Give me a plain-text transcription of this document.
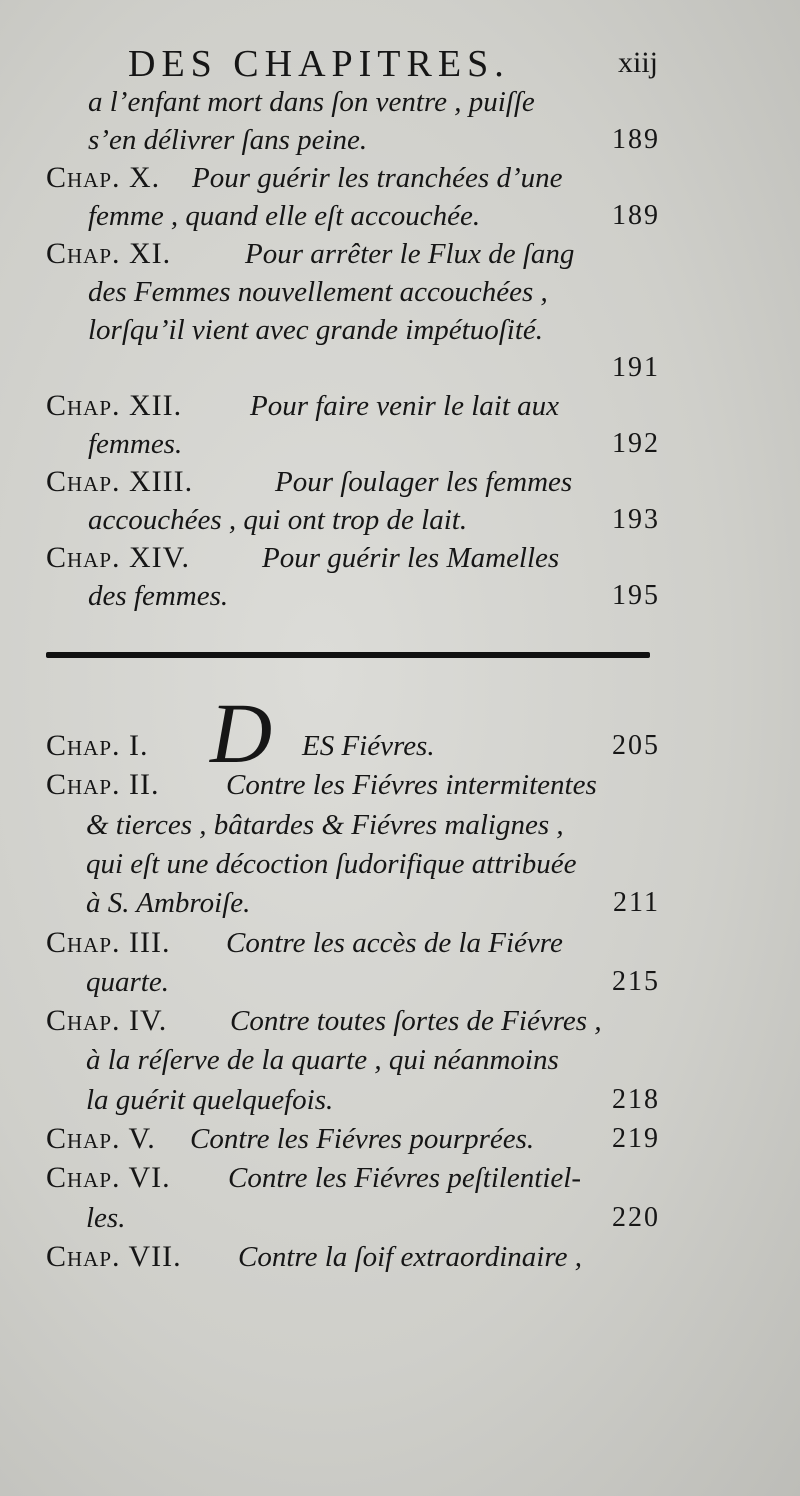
DES CHAPITRES.	xiij
a l’enfant mort dans ſon ventre , puiſſe
s’en délivrer ſans peine.	189
Chap. X. Pour guérir les tranchées d’une
femme , quand elle eſt accouchée.	189
Chap. XI.	Pour arrêter le Flux de ſang
des Femmes nouvellement accouchées ,
lorſqu’il vient avec grande impétuoſité.
191
Chap. XII. Pour faire venir le lait aux
femmes.	192
Chap. XIII.	Pour ſoulager les femmes
accouchées , qui ont trop de lait.	193
Chap. XIV. Pour guérir les Mamelles
des femmes.	195
Chap. I.	ES Fiévres.	205
Chap. II. Contre les Fiévres intermitentes
& tierces , bâtardes & Fiévres malignes ,
qui eſt une décoction ſudorifique attribuée
à S. Ambroiſe.	211
Chap. III. Contre les accès de la Fiévre
quarte.	215
Chap. IV. Contre toutes ſortes de Fiévres ,
à la réſerve de la quarte , qui néanmoins
la guérit quelquefois.	218
Chap. V. Contre les Fiévres pourprées.	219
Chap. VI. Contre les Fiévres peſtilentiel-
les.	220
Chap. VII. Contre la ſoif extraordinaire ,
D
